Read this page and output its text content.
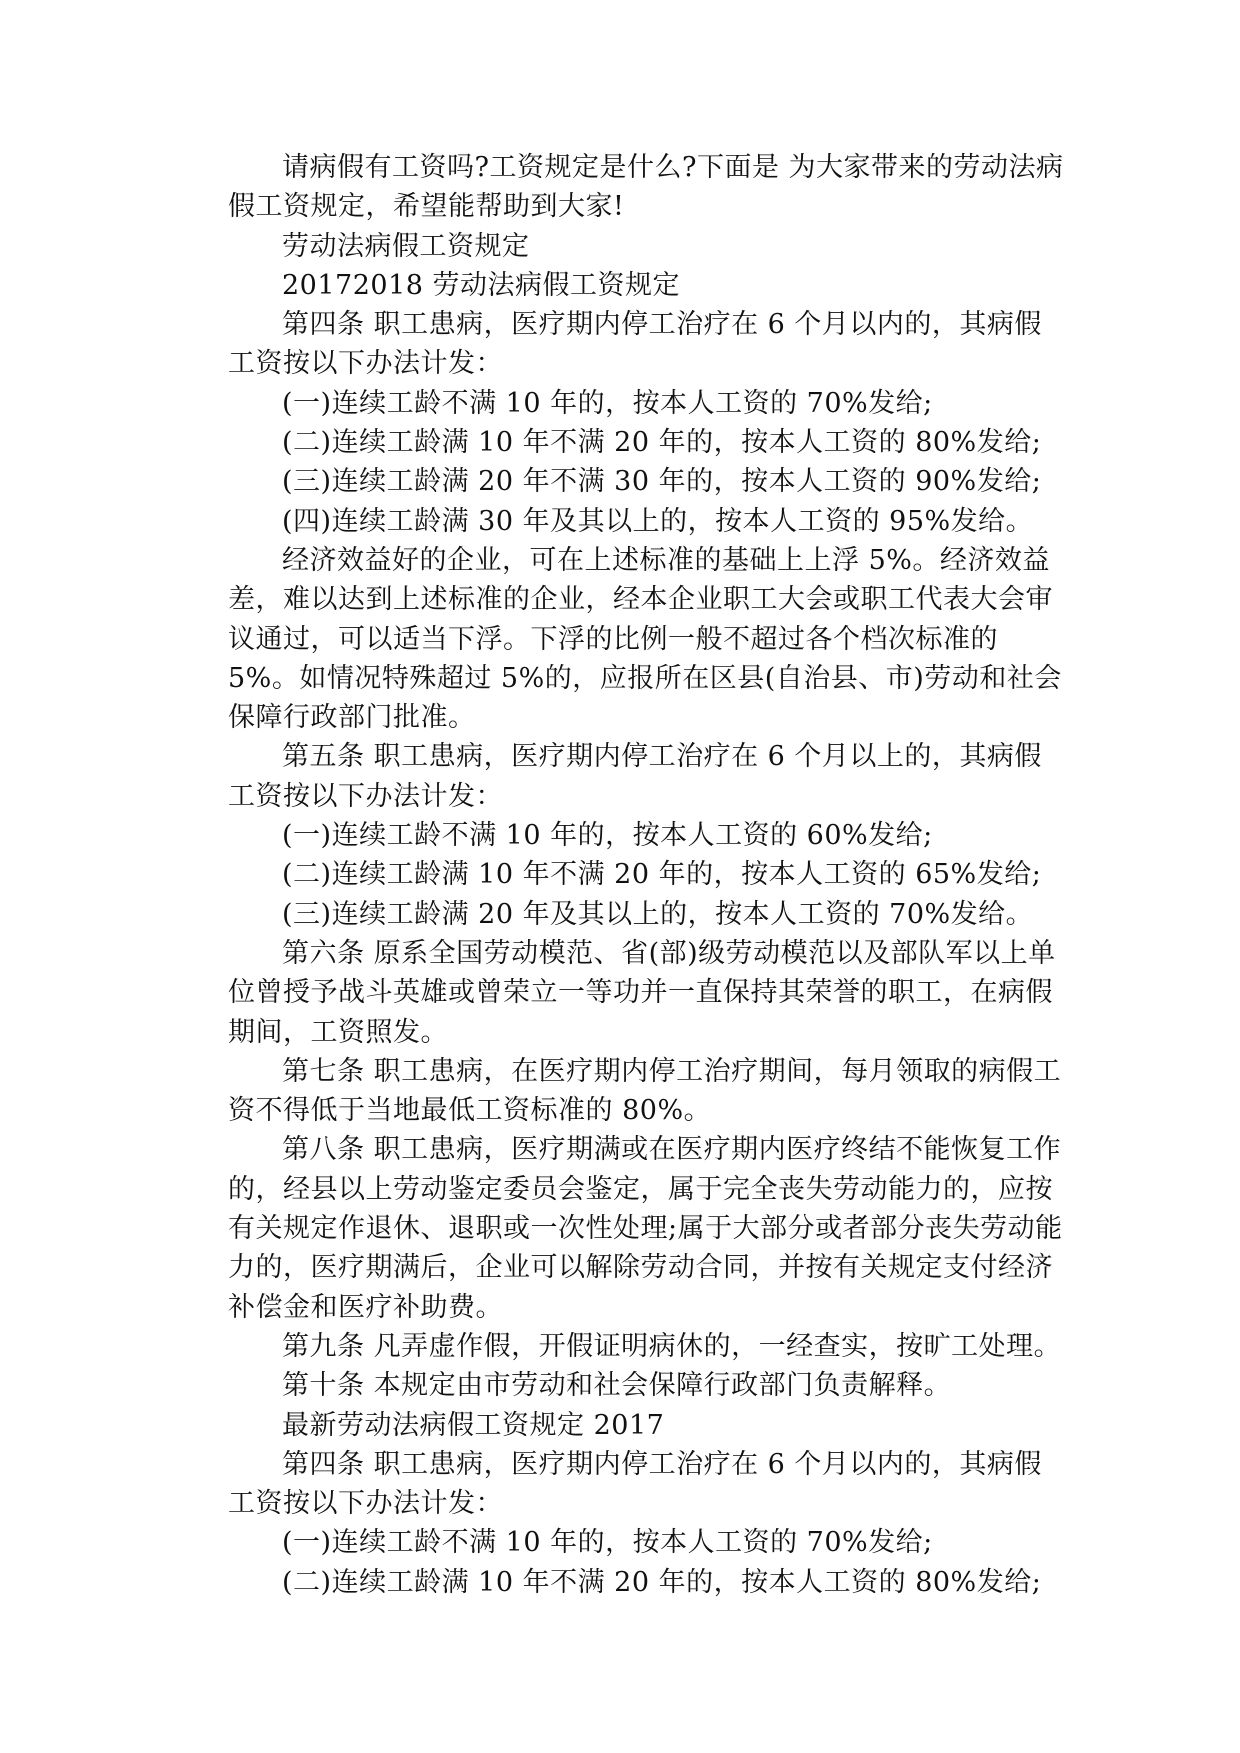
请病假有工资吗?工资规定是什么?下面是 为大家带来的劳动法病假工资规定，希望能帮助到大家!

劳动法病假工资规定

20172018 劳动法病假工资规定

第四条 职工患病，医疗期内停工治疗在 6 个月以内的，其病假工资按以下办法计发：

(一)连续工龄不满 10 年的，按本人工资的 70%发给;

(二)连续工龄满 10 年不满 20 年的，按本人工资的 80%发给;

(三)连续工龄满 20 年不满 30 年的，按本人工资的 90%发给;

(四)连续工龄满 30 年及其以上的，按本人工资的 95%发给。

经济效益好的企业，可在上述标准的基础上上浮 5%。经济效益差，难以达到上述标准的企业，经本企业职工大会或职工代表大会审议通过，可以适当下浮。下浮的比例一般不超过各个档次标准的 5%。如情况特殊超过 5%的，应报所在区县(自治县、市)劳动和社会保障行政部门批准。

第五条 职工患病，医疗期内停工治疗在 6 个月以上的，其病假工资按以下办法计发：

(一)连续工龄不满 10 年的，按本人工资的 60%发给;

(二)连续工龄满 10 年不满 20 年的，按本人工资的 65%发给;

(三)连续工龄满 20 年及其以上的，按本人工资的 70%发给。

第六条 原系全国劳动模范、省(部)级劳动模范以及部队军以上单位曾授予战斗英雄或曾荣立一等功并一直保持其荣誉的职工，在病假期间，工资照发。

第七条 职工患病，在医疗期内停工治疗期间，每月领取的病假工资不得低于当地最低工资标准的 80%。

第八条 职工患病，医疗期满或在医疗期内医疗终结不能恢复工作的，经县以上劳动鉴定委员会鉴定，属于完全丧失劳动能力的，应按有关规定作退休、退职或一次性处理;属于大部分或者部分丧失劳动能力的，医疗期满后，企业可以解除劳动合同，并按有关规定支付经济补偿金和医疗补助费。

第九条 凡弄虚作假，开假证明病休的，一经查实，按旷工处理。

第十条 本规定由市劳动和社会保障行政部门负责解释。

最新劳动法病假工资规定 2017

第四条 职工患病，医疗期内停工治疗在 6 个月以内的，其病假工资按以下办法计发：

(一)连续工龄不满 10 年的，按本人工资的 70%发给;

(二)连续工龄满 10 年不满 20 年的，按本人工资的 80%发给;
